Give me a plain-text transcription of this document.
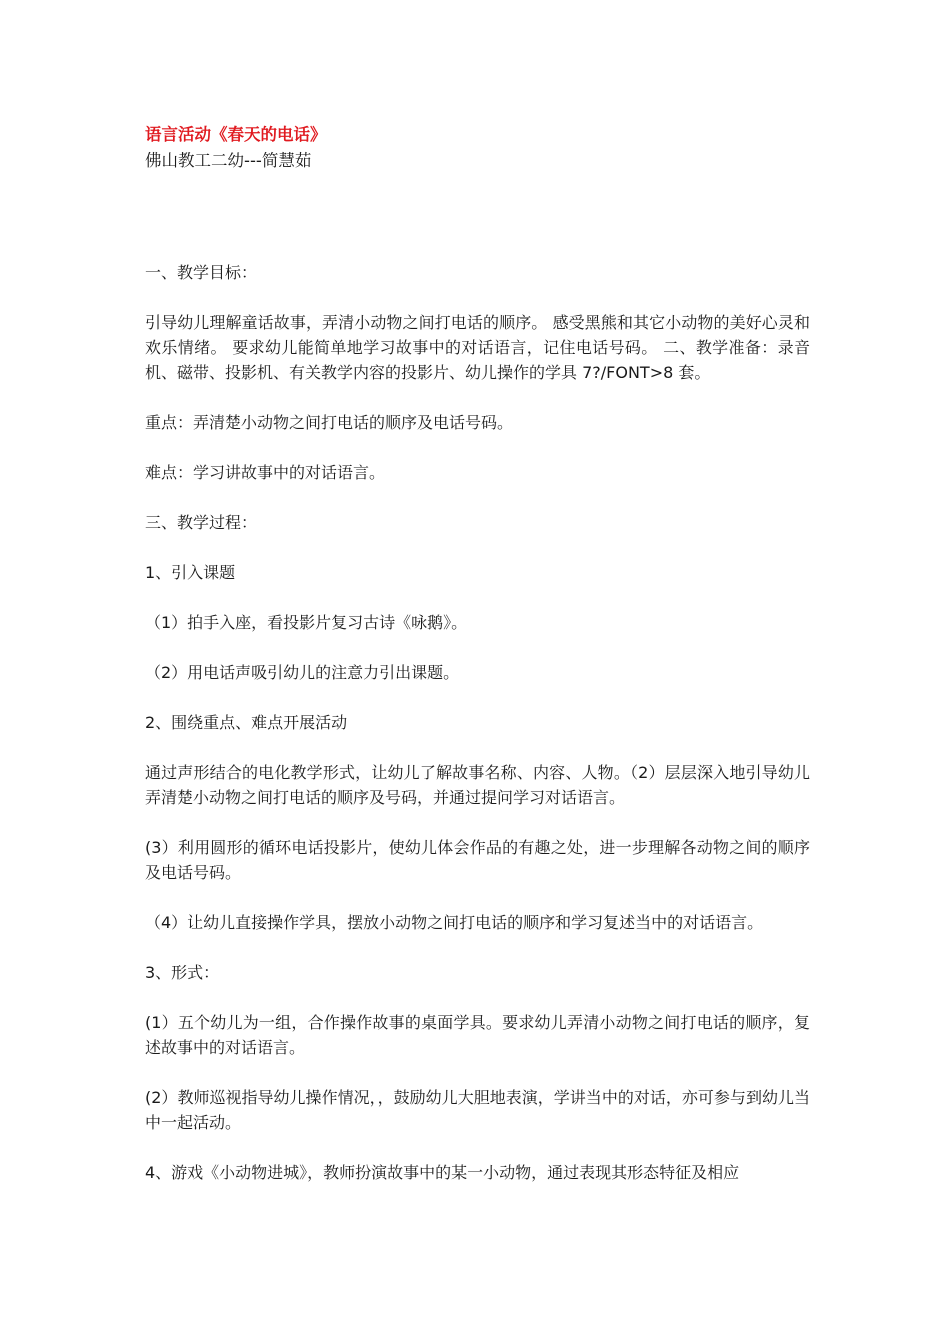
语言活动《春天的电话》

佛山教工二幼---简慧茹

一、教学目标：

引导幼儿理解童话故事，弄清小动物之间打电话的顺序。 感受黑熊和其它小动物的美好心灵和欢乐情绪。 要求幼儿能简单地学习故事中的对话语言，记住电话号码。 二、教学准备：录音机、磁带、投影机、有关教学内容的投影片、幼儿操作的学具 7?/FONT>8 套。

重点：弄清楚小动物之间打电话的顺序及电话号码。

难点：学习讲故事中的对话语言。

三、教学过程：

1、引入课题

（1）拍手入座，看投影片复习古诗《咏鹅》。

（2）用电话声吸引幼儿的注意力引出课题。

2、围绕重点、难点开展活动

通过声形结合的电化教学形式，让幼儿了解故事名称、内容、人物。（2）层层深入地引导幼儿弄清楚小动物之间打电话的顺序及号码，并通过提问学习对话语言。

(3）利用圆形的循环电话投影片，使幼儿体会作品的有趣之处，进一步理解各动物之间的顺序及电话号码。

（4）让幼儿直接操作学具，摆放小动物之间打电话的顺序和学习复述当中的对话语言。

3、形式：

(1）五个幼儿为一组，合作操作故事的桌面学具。要求幼儿弄清小动物之间打电话的顺序，复述故事中的对话语言。

(2）教师巡视指导幼儿操作情况，，鼓励幼儿大胆地表演，学讲当中的对话，亦可参与到幼儿当中一起活动。

4、游戏《小动物进城》，教师扮演故事中的某一小动物，通过表现其形态特征及相应
